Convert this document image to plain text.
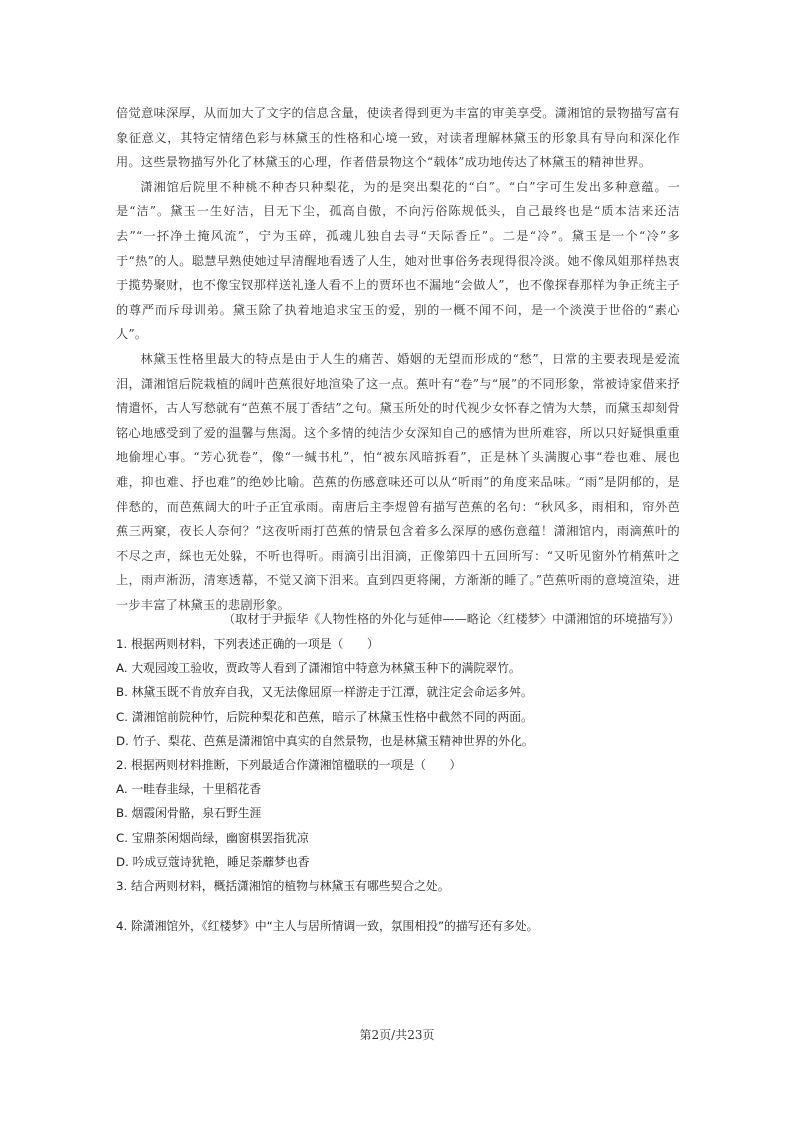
倍觉意味深厚，从而加大了文字的信息含量，使读者得到更为丰富的审美享受。潇湘馆的景物描写富有象征意义，其特定情绪色彩与林黛玉的性格和心境一致，对读者理解林黛玉的形象具有导向和深化作用。这些景物描写外化了林黛玉的心理，作者借景物这个“载体”成功地传达了林黛玉的精神世界。

潇湘馆后院里不种桃不种杏只种梨花，为的是突出梨花的“白”。“白”字可生发出多种意蕴。一是“洁”。黛玉一生好洁，目无下尘，孤高自傲，不向污俗陈规低头，自己最终也是“质本洁来还洁去”“一抔净土掩风流”，宁为玉碎，孤魂儿独自去寻“天际香丘”。二是“冷”。黛玉是一个“冷”多于“热”的人。聪慧早熟使她过早清醒地看透了人生，她对世事俗务表现得很冷淡。她不像凤姐那样热衷于揽势聚财，也不像宝钗那样送礼逢人看不上的贾环也不漏地“会做人”，也不像探春那样为争正统主子的尊严而斥母训弟。黛玉除了执着地追求宝玉的爱，别的一概不闻不问，是一个淡漠于世俗的“素心人”。

林黛玉性格里最大的特点是由于人生的痛苦、婚姻的无望而形成的“愁”，日常的主要表现是爱流泪，潇湘馆后院栽植的阔叶芭蕉很好地渲染了这一点。蕉叶有“卷”与“展”的不同形象，常被诗家借来抒情遣怀，古人写愁就有“芭蕉不展丁香结”之句。黛玉所处的时代视少女怀春之情为大禁，而黛玉却刻骨铭心地感受到了爱的温馨与焦渴。这个多情的纯洁少女深知自己的感情为世所难容，所以只好疑惧重重地偷埋心事。“芳心犹卷”，像“一缄书札”，怕“被东风暗拆看”，正是林丫头满腹心事“卷也难、展也难，抑也难、抒也难”的绝妙比喻。芭蕉的伤感意味还可以从“听雨”的角度来品味。“雨”是阴郁的，是伴愁的，而芭蕉阔大的叶子正宜承雨。南唐后主李煜曾有描写芭蕉的名句：“秋风多，雨相和，帘外芭蕉三两窠，夜长人奈何？”这夜听雨打芭蕉的情景包含着多么深厚的感伤意蕴！潇湘馆内，雨滴蕉叶的不尽之声，綵也无处躲，不听也得听。雨滴引出泪滴，正像第四十五回所写：“又听见窗外竹梢蕉叶之上，雨声淅沥，清寒透幕，不觉又滴下泪来。直到四更将阑，方渐渐的睡了。”芭蕉听雨的意境渲染，进一步丰富了林黛玉的悲剧形象。

（取材于尹振华《人物性格的外化与延伸——略论〈红楼梦〉中潇湘馆的环境描写》）

1. 根据两则材料，下列表述正确的一项是（　　）

A. 大观园竣工验收，贾政等人看到了潇湘馆中特意为林黛玉种下的满院翠竹。

B. 林黛玉既不肯放弃自我，又无法像屈原一样游走于江潭，就注定会命运多舛。

C. 潇湘馆前院种竹，后院种梨花和芭蕉，暗示了林黛玉性格中截然不同的两面。

D. 竹子、梨花、芭蕉是潇湘馆中真实的自然景物，也是林黛玉精神世界的外化。

2. 根据两则材料推断，下列最适合作潇湘馆楹联的一项是（　　）

A. 一畦春韭绿，十里稻花香

B. 烟霞闲骨骼，泉石野生涯

C. 宝鼎茶闲烟尚绿，幽窗棋罢指犹凉

D. 吟成豆蔻诗犹艳，睡足荼蘼梦也香

3. 结合两则材料，概括潇湘馆的植物与林黛玉有哪些契合之处。

4. 除潇湘馆外，《红楼梦》中“主人与居所情调一致，氛围相投”的描写还有多处。
第2页/共23页
